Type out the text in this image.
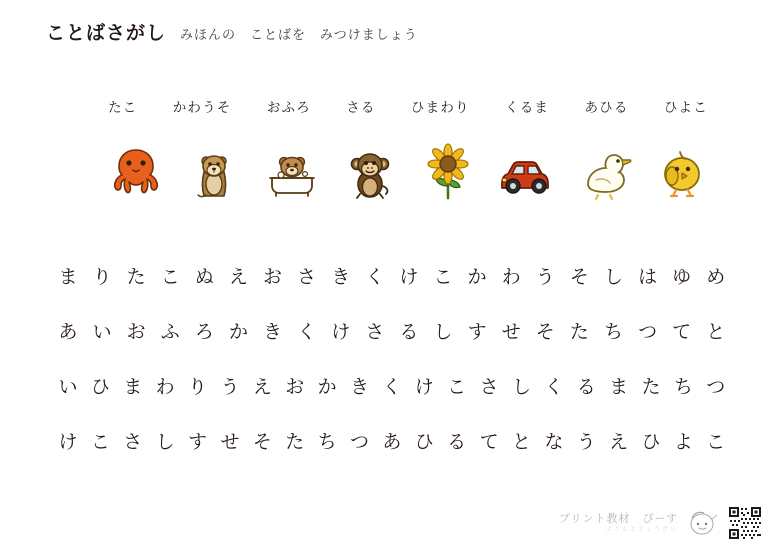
ことばさがし みほんの　ことばを　みつけましょう
たこ	かわうそ	おふろ	さる	ひまわり	くるま	あひる	ひよこ
ま り た こ ぬ え お さ き く け こ か わ う そ し は ゆ め
あ い お ふ ろ か き く け さ る し す せ そ た ち つ て と
い ひ ま わ り う え お か き く け こ さ し く る ま た ち つ
け こ さ し す せ そ た ち つ あ ひ る て と な う え ひ よ こ
プリント教材　ぴーす
ぷりんときょうざい
